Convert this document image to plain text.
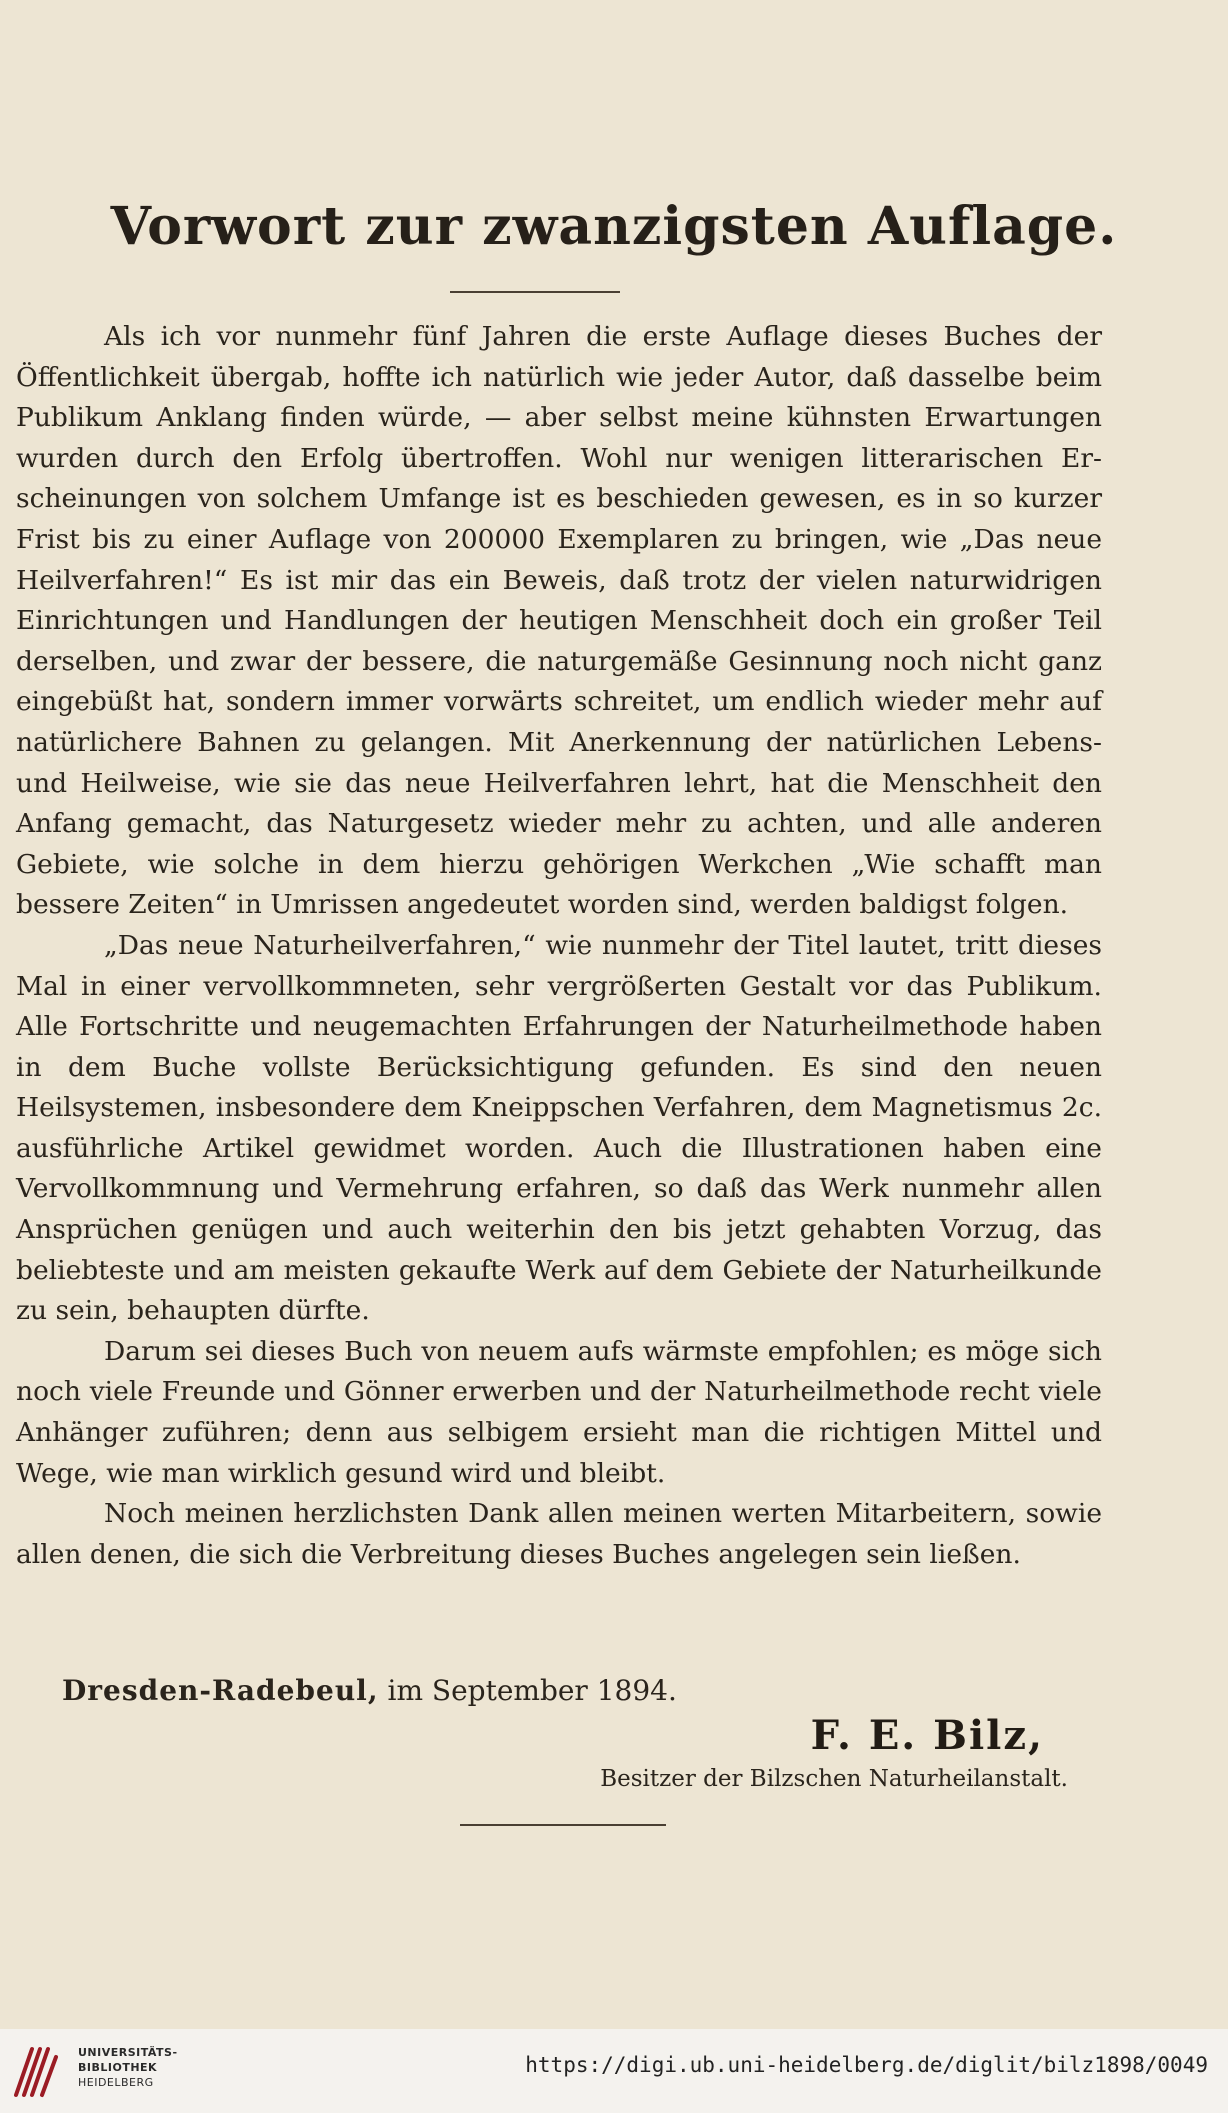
Vorwort zur zwanzigsten Auflage.

Als ich vor nunmehr fünf Jahren die erste Auflage dieses Buches der Öffentlichkeit übergab, hoffte ich natürlich wie jeder Autor, daß dasselbe beim Publikum Anklang finden würde, — aber selbst meine kühnsten Erwartungen wurden durch den Erfolg übertroffen. Wohl nur wenigen litterarischen Erscheinungen von solchem Umfange ist es beschieden gewesen, es in so kurzer Frist bis zu einer Auflage von 200000 Exemplaren zu bringen, wie „Das neue Heilverfahren!“ Es ist mir das ein Beweis, daß trotz der vielen naturwidrigen Einrichtungen und Handlungen der heutigen Menschheit doch ein großer Teil derselben, und zwar der bessere, die naturgemäße Gesinnung noch nicht ganz eingebüßt hat, sondern immer vorwärts schreitet, um endlich wieder mehr auf natürlichere Bahnen zu gelangen. Mit Anerkennung der natürlichen Lebens- und Heilweise, wie sie das neue Heilverfahren lehrt, hat die Menschheit den Anfang gemacht, das Naturgesetz wieder mehr zu achten, und alle anderen Gebiete, wie solche in dem hierzu gehörigen Werkchen „Wie schafft man bessere Zeiten“ in Umrissen angedeutet worden sind, werden baldigst folgen.

„Das neue Naturheilverfahren,“ wie nunmehr der Titel lautet, tritt dieses Mal in einer vervollkommneten, sehr vergrößerten Gestalt vor das Publikum. Alle Fortschritte und neugemachten Erfahrungen der Naturheilmethode haben in dem Buche vollste Berücksichtigung gefunden. Es sind den neuen Heilsystemen, insbesondere dem Kneippschen Verfahren, dem Magnetismus 2c. ausführliche Artikel gewidmet worden. Auch die Illustrationen haben eine Vervollkommnung und Vermehrung erfahren, so daß das Werk nunmehr allen Ansprüchen genügen und auch weiterhin den bis jetzt gehabten Vorzug, das beliebteste und am meisten gekaufte Werk auf dem Gebiete der Naturheilkunde zu sein, behaupten dürfte.

Darum sei dieses Buch von neuem aufs wärmste empfohlen; es möge sich noch viele Freunde und Gönner erwerben und der Naturheilmethode recht viele Anhänger zuführen; denn aus selbigem ersieht man die richtigen Mittel und Wege, wie man wirklich gesund wird und bleibt.

Noch meinen herzlichsten Dank allen meinen werten Mitarbeitern, sowie allen denen, die sich die Verbreitung dieses Buches angelegen sein ließen.

Dresden-Radebeul, im September 1894.
F. E. Bilz,
Besitzer der Bilzschen Naturheilanstalt.
UNIVERSITÄTS-
BIBLIOTHEK
HEIDELBERG
https://digi.ub.uni-heidelberg.de/diglit/bilz1898/0049
